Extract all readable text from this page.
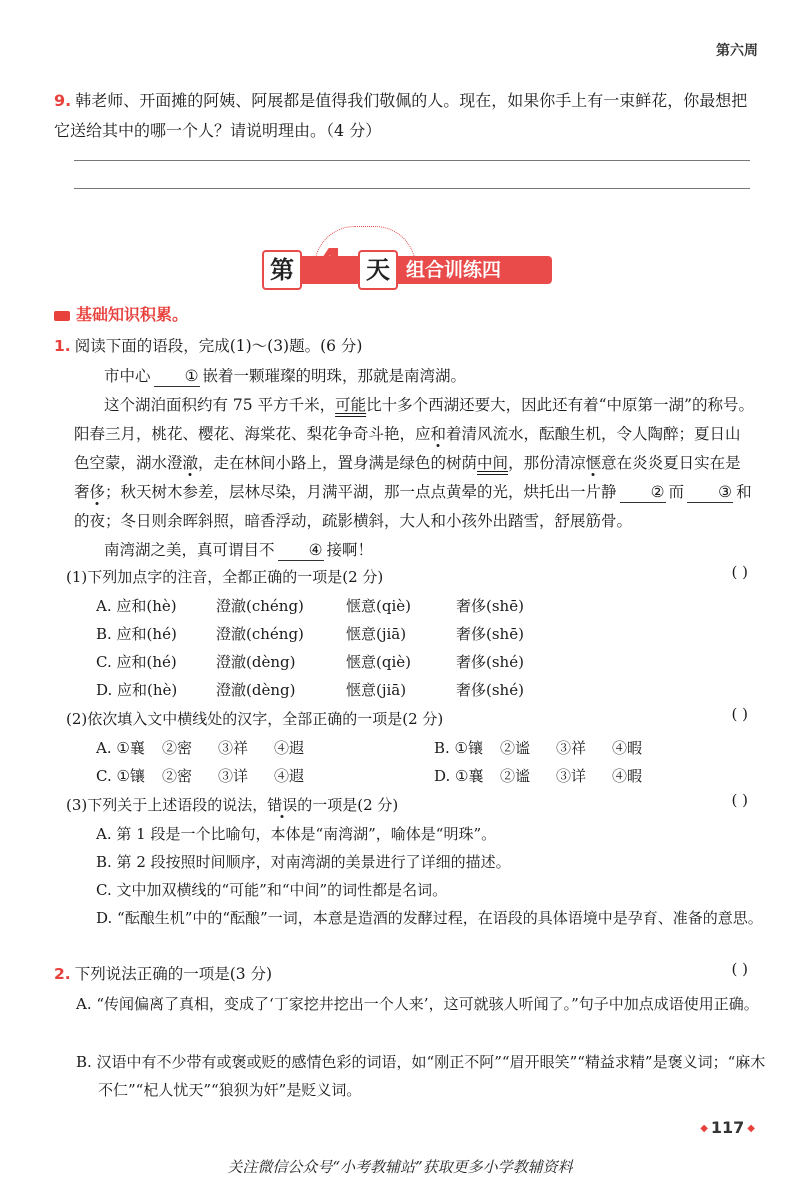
第六周
9. 韩老师、开面摊的阿姨、阿展都是值得我们敬佩的人。现在，如果你手上有一束鲜花，你最想把它送给其中的哪一个人？请说明理由。（4 分）
第 4 天 组合训练四
基础知识积累。
1. 阅读下面的语段，完成(1)～(3)题。(6 分)
市中心 ① 嵌着一颗璀璨的明珠，那就是南湾湖。
这个湖泊面积约有 75 平方千米，可能比十多个西湖还要大，因此还有着“中原第一湖”的称号。阳春三月，桃花、樱花、海棠花、梨花争奇斗艳，应和着清风流水，酝酿生机，令人陶醉；夏日山色空蒙，湖水澄澈，走在林间小路上，置身满是绿色的树荫中间，那份清凉惬意在炎炎夏日实在是奢侈；秋天树木参差，层林尽染，月满平湖，那一点点黄晕的光，烘托出一片静 ② 而 ③ 和的夜；冬日则余晖斜照，暗香浮动，疏影横斜，大人和小孩外出踏雪，舒展筋骨。
南湾湖之美，真可谓目不 ④ 接啊！
(1)下列加点字的注音，全都正确的一项是(2 分)	( )
A. 应和(hè)	澄澈(chéng)	惬意(qiè)	奢侈(shē)
B. 应和(hé)	澄澈(chéng)	惬意(jiā)	奢侈(shē)
C. 应和(hé)	澄澈(dèng)	惬意(qiè)	奢侈(shé)
D. 应和(hè)	澄澈(dèng)	惬意(jiā)	奢侈(shé)
(2)依次填入文中横线处的汉字，全部正确的一项是(2 分)	( )
A. ①襄	②密	③祥	④遐	B. ①镶	②谧	③祥	④暇
C. ①镶	②密	③详	④遐	D. ①襄	②谧	③详	④暇
(3)下列关于上述语段的说法，错误的一项是(2 分)	( )
A. 第 1 段是一个比喻句，本体是“南湾湖”，喻体是“明珠”。
B. 第 2 段按照时间顺序，对南湾湖的美景进行了详细的描述。
C. 文中加双横线的“可能”和“中间”的词性都是名词。
D. “酝酿生机”中的“酝酿”一词，本意是造酒的发酵过程，在语段的具体语境中是孕育、准备的意思。
2. 下列说法正确的一项是(3 分)	( )
A. “传闻偏离了真相，变成了‘丁家挖井挖出一个人来’，这可就骇人听闻了。”句子中加点成语使用正确。
B. 汉语中有不少带有或褒或贬的感情色彩的词语，如“刚正不阿”“眉开眼笑”“精益求精”是褒义词；“麻木不仁”“杞人忧天”“狼狈为奸”是贬义词。
◆ 117 ◆
关注微信公众号“小考教辅站”获取更多小学教辅资料
